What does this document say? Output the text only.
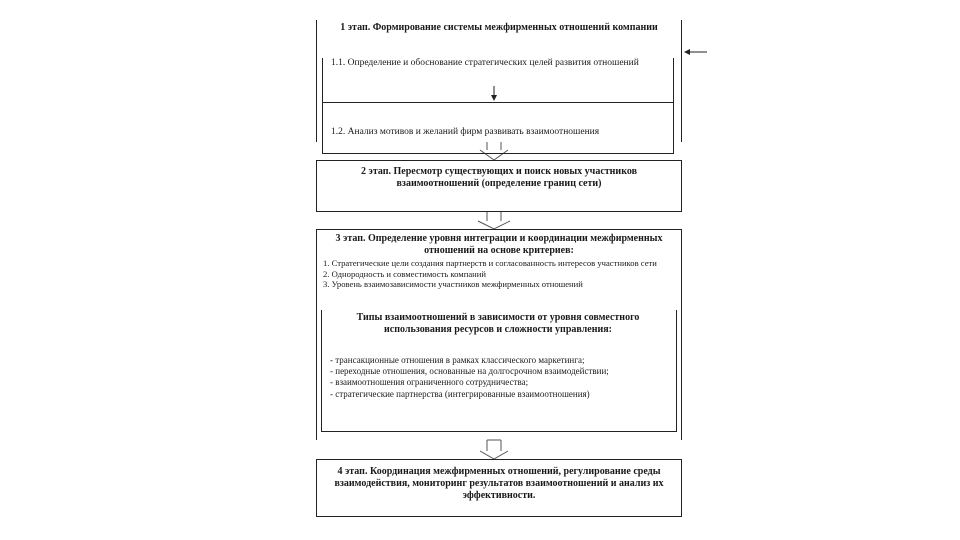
1 этап. Формирование системы межфирменных отношений компании
1.1. Определение и обоснование стратегических целей развития отношений
1.2. Анализ мотивов и желаний фирм развивать взаимоотношения
2 этап. Пересмотр существующих и поиск новых участников взаимоотношений (определение границ сети)
3 этап. Определение уровня интеграции и координации межфирменных отношений на основе критериев:

1. Стратегические цели создания партнерств и согласованность интересов участников сети

2. Однородность и совместимость компаний

3. Уровень взаимозависимости участников межфирменных отношений

Типы взаимоотношений в зависимости от уровня совместного использования ресурсов и сложности управления:

- трансакционные отношения в рамках классического маркетинга;

- переходные отношения, основанные на долгосрочном взаимодействии;

- взаимоотношения ограниченного сотрудничества;

- стратегические партнерства (интегрированные взаимоотношения)

4 этап. Координация межфирменных отношений, регулирование среды взаимодействия, мониторинг результатов взаимоотношений и анализ их эффективности.
